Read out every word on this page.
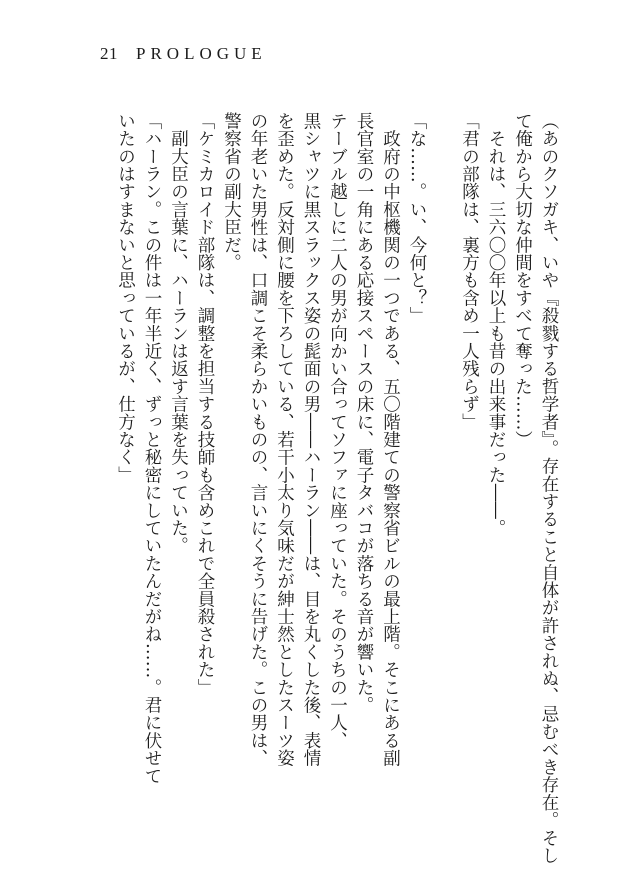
21 PROLOGUE

（あのクソガキ、いや『殺戮する哲学者』。存在すること自体が許されぬ、忌むべき存在。そし

て俺から大切な仲間をすべて奪った……）

　それは、三六〇〇年以上も昔の出来事だった――。

「君の部隊は、裏方も含め一人残らず」

「な……。い、今何と？」

　政府の中枢機関の一つである、五〇階建ての警察省ビルの最上階。そこにある副

長官室の一角にある応接スペースの床に、電子タバコが落ちる音が響いた。

テーブル越しに二人の男が向かい合ってソファに座っていた。そのうちの一人、

黒シャツに黒スラックス姿の髭面の男――ハーラン――は、目を丸くした後、表情

を歪めた。反対側に腰を下ろしている、若干小太り気味だが紳士然としたスーツ姿

の年老いた男性は、口調こそ柔らかいものの、言いにくそうに告げた。この男は、

警察省の副大臣だ。

「ケミカロイド部隊は、調整を担当する技師も含めこれで全員殺された」

　副大臣の言葉に、ハーランは返す言葉を失っていた。

「ハーラン。この件は一年半近く、ずっと秘密にしていたんだがね……。君に伏せて

いたのはすまないと思っているが、仕方なく」
